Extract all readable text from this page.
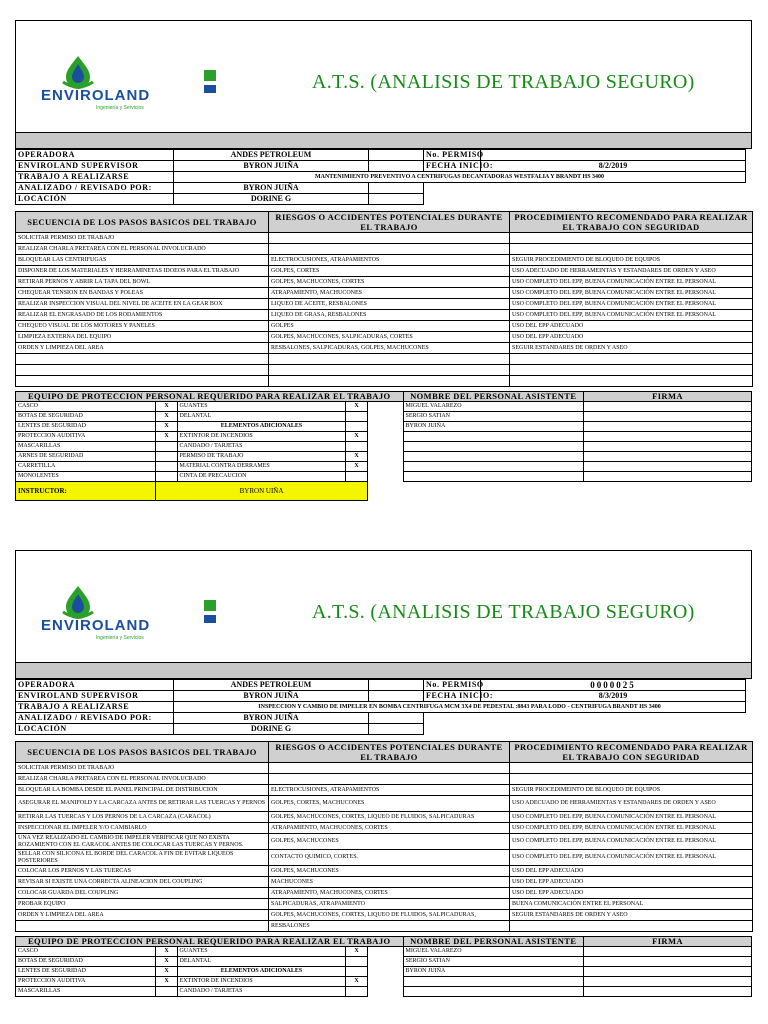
ENVIROLAND
Ingeniería y Servicios
A.T.S. (ANALISIS DE TRABAJO SEGURO)
OPERADORA	ANDES PETROLEUM		No. PERMISO		
ENVIROLAND SUPERVISOR	BYRON JUIÑA		FECHA INICIO:	8/2/2019	
TRABAJO A REALIZARSE	MANTENIMIENTO PREVENTIVO A CENTRIFUGAS DECANTADORAS WESTFALIA Y BRANDT HS 3400				
ANALIZADO / REVISADO POR:	BYRON JUIÑA				
LOCACIÓN	DORINE G				
SECUENCIA DE LOS PASOS BASICOS DEL TRABAJO	RIESGOS O ACCIDENTES POTENCIALES DURANTE EL TRABAJO	PROCEDIMIENTO RECOMENDADO PARA REALIZAR EL TRABAJO CON SEGURIDAD
SOLICITAR PERMISO DE TRABAJO		
REALIZAR CHARLA PRETAREA CON EL PERSONAL INVOLUCRADO		
BLOQUEAR LAS CENTRIFUGAS	ELECTROCUSIONES, ATRAPAMIENTOS	SEGUIR PROCEDIMIENTO DE BLOQUEO DE EQUIPOS
DISPONER DE LOS MATERIALES Y HERRAMINETAS IDOEOS PARA EL TRABAJO	GOLPES, CORTES	USO ADECUADO DE HERRAMEINTAS Y ESTANDARES DE ORDEN Y ASEO
RETIRAR PERNOS Y ABRIR LA TAPA DEL BOWL	GOLPES, MACHUCONES, CORTES	USO COMPLETO DEL EPP, BUENA COMUNICACIÓN ENTRE EL PERSONAL
CHEQUEAR TENSION EN BANDAS Y POLEAS	ATRAPAMIENTO, MACHUCONES	USO COMPLETO DEL EPP, BUENA COMUNICACIÓN ENTRE EL PERSONAL
REALIZAR INSPECCION VISUAL DEL NIVEL DE ACEITE EN LA GEAR BOX	LIQUEO DE ACEITE, RESBALONES	USO COMPLETO DEL EPP, BUENA COMUNICACIÓN ENTRE EL PERSONAL
REALIZAR EL ENGRASADO DE LOS RODAMIENTOS	LIQUEO DE GRASA, RESBALONES	USO COMPLETO DEL EPP, BUENA COMUNICACIÓN ENTRE EL PERSONAL
CHEQUEO VISUAL DE LOS MOTORES Y PANELES	GOLPES	USO DEL EPP ADECUADO
LIMPIEZA EXTERNA DEL EQUIPO	GOLPES, MACHUCONES, SALPICADURAS, CORTES	USO DEL EPP ADECUADO
ORDEN Y LIMPIEZA DEL AREA	RESBALONES, SALPICADURAS, GOLPES, MACHUCONES	SEGUIR ESTANDARES DE ORDEN Y ASEO

EQUIPO DE PROTECCION PERSONAL REQUERIDO PARA REALIZAR EL TRABAJO					NOMBRE DEL PERSONAL ASISTENTE	FIRMA
CASCO	X	GUANTES	X		MIGUEL VALAREZO	
BOTAS DE SEGURIDAD	X	DELANTAL			SERGIO SATIAN	
LENTES DE SEGURIDAD	X	ELEMENTOS ADICIONALES			BYRON JUIÑA	
PROTECCION AUDITIVA	X	EXTINTOR DE INCENDIOS	X			
MASCARILLAS		CANDADO / TARJETAS				
ARNES DE SEGURIDAD		PERMISO DE TRABAJO	X			
CARRETILLA		MATERIAL CONTRA DERRAMES	X			
MONOLENTES		CINTA DE PRECAUCION				
INSTRUCTOR:	BYRON UIÑA					
ENVIROLAND
Ingeniería y Servicios
A.T.S. (ANALISIS DE TRABAJO SEGURO)
OPERADORA	ANDES PETROLEUM		No. PERMISO	0000025	
ENVIROLAND SUPERVISOR	BYRON JUIÑA		FECHA INICIO:	8/3/2019	
TRABAJO A REALIZARSE	INSPECCION Y CAMBIO DE IMPELER EN BOMBA CENTRIFUGA MCM 3X4 DE PEDESTAL :8843 PARA LODO - CENTRIFUGA BRANDT HS 3400				
ANALIZADO / REVISADO POR:	BYRON JUIÑA				
LOCACIÓN	DORINE G				
SECUENCIA DE LOS PASOS BASICOS DEL TRABAJO	RIESGOS O ACCIDENTES POTENCIALES DURANTE EL TRABAJO	PROCEDIMIENTO RECOMENDADO PARA REALIZAR EL TRABAJO CON SEGURIDAD
SOLICITAR PERMISO DE TRABAJO		
REALIZAR CHARLA PRETAREA CON EL PERSONAL INVOLUCRADO		
BLOQUEAR LA BOMBA DESDE EL PANEL PRINCIPAL DE DISTRIBUCION	ELECTROCUSIONES, ATRAPAMIENTOS	SEGUIR PROCEDIMEINTO DE BLOQUEO DE EQUIPOS
ASEGURAR EL MANIFOLD Y LA CARCAZA ANTES DE RETIRAR LAS TUERCAS Y PERNOS	GOLPES, CORTES, MACHUCONES	USO ADECUADO DE HERRAMIENTAS Y ESTANDARES DE ORDEN Y ASEO
RETIRAR LAS TUERCAS Y LOS PERNOS DE LA CARCAZA (CARACOL)	GOLPES, MACHUCONES, CORTES, LIQUEO DE FLUIDOS, SALPICADURAS	USO COMPLETO DEL EPP, BUENA COMUNICACIÓN ENTRE EL PERSONAL
INSPECCIONAR EL IMPELER Y/O CAMBIARLO	ATRAPAMIENTO, MACHUCONES, CORTES	USO COMPLETO DEL EPP, BUENA COMUNICACIÓN ENTRE EL PERSONAL
UNA VEZ REALIZADO EL CAMBIO DE IMPELER VERIFICAR QUE NO EXISTA ROZAMIENTO CON EL CARACOL ANTES DE COLOCAR LAS TUERCAS Y PERNOS.	GOLPES, MACHUCONES	USO COMPLETO DEL EPP, BUENA COMUNICACIÓN ENTRE EL PERSONAL
SELLAR CON SILICONA EL BORDE DEL CARACOL A FIN DE EVITAR LIQUEOS POSTERIORES	CONTACTO QUIMICO, CORTES.	USO COMPLETO DEL EPP, BUENA COMUNICACIÓN ENTRE EL PERSONAL
COLOCAR LOS PERNOS Y LAS TUERCAS	GOLPES, MACHUCONES	USO DEL EPP ADECUADO
REVISAR SI EXISTE UNA CORRECTA ALINEACION DEL COUPLING	MACHUCONES	USO DEL EPP ADECUADO
COLOCAR GUARDA DEL COUPLING	ATRAPAMIENTO, MACHUCONES, CORTES	USO DEL EPP ADECUADO
PROBAR EQUIPO	SALPICADURAS, ATRAPAMIENTO	BUENA COMUNICACIÓN ENTRE EL PERSONAL
ORDEN Y LIMPIEZA DEL AREA	GOLPES, MACHUCONES, CORTES, LIQUEO DE FLUIDOS, SALPICADURAS,	SEGUIR ESTANDARES DE ORDEN Y ASEO
	RESBALONES	
EQUIPO DE PROTECCION PERSONAL REQUERIDO PARA REALIZAR EL TRABAJO					NOMBRE DEL PERSONAL ASISTENTE	FIRMA
CASCO	X	GUANTES	X		MIGUEL VALAREZO	
BOTAS DE SEGURIDAD	X	DELANTAL			SERGIO SATIAN	
LENTES DE SEGURIDAD	X	ELEMENTOS ADICIONALES			BYRON JUIÑA	
PROTECCION AUDITIVA	X	EXTINTOR DE INCENDIOS	X			
MASCARILLAS		CANDADO / TARJETAS				
